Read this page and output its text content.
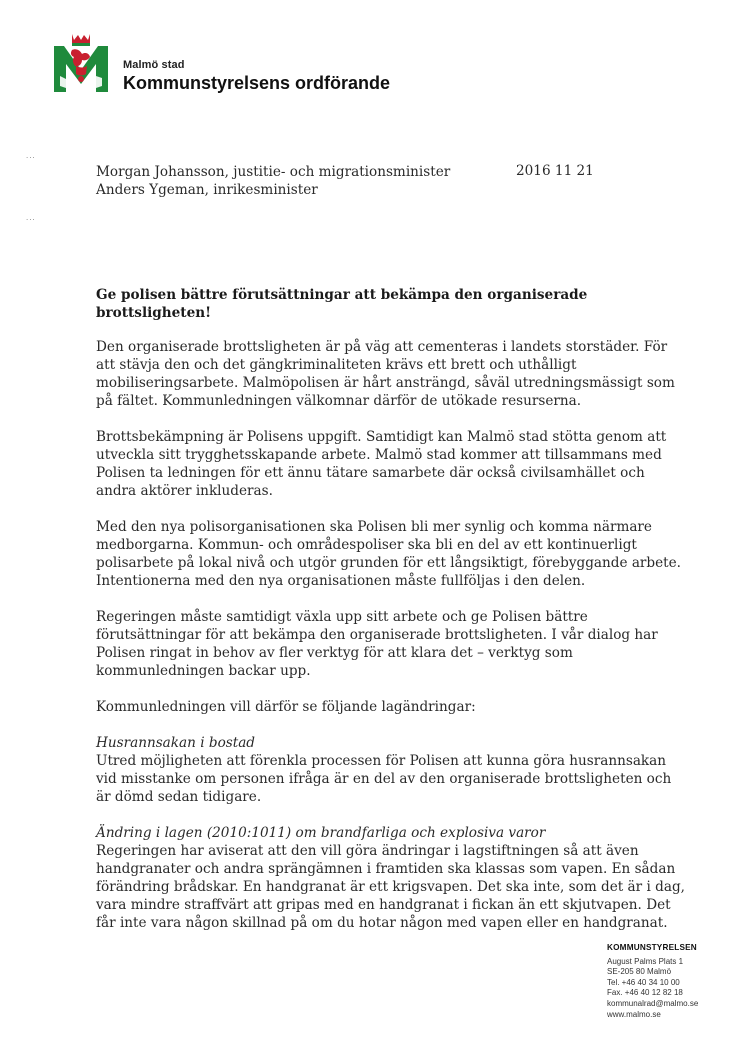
Malmö stad
Kommunstyrelsens ordförande
...
...
Morgan Johansson, justitie- och migrationsminister
Anders Ygeman, inrikesminister
2016 11 21
Ge polisen bättre förutsättningar att bekämpa den organiserade brottsligheten!

Den organiserade brottsligheten är på väg att cementeras i landets storstäder. För att stävja den och det gängkriminaliteten krävs ett brett och uthålligt mobiliseringsarbete. Malmöpolisen är hårt ansträngd, såväl utredningsmässigt som på fältet. Kommunledningen välkomnar därför de utökade resurserna.

Brottsbekämpning är Polisens uppgift. Samtidigt kan Malmö stad stötta genom att utveckla sitt trygghetsskapande arbete. Malmö stad kommer att tillsammans med Polisen ta ledningen för ett ännu tätare samarbete där också civilsamhället och andra aktörer inkluderas.

Med den nya polisorganisationen ska Polisen bli mer synlig och komma närmare medborgarna. Kommun- och områdespoliser ska bli en del av ett kontinuerligt polisarbete på lokal nivå och utgör grunden för ett långsiktigt, förebyggande arbete. Intentionerna med den nya organisationen måste fullföljas i den delen.

Regeringen måste samtidigt växla upp sitt arbete och ge Polisen bättre förutsättningar för att bekämpa den organiserade brottsligheten. I vår dialog har Polisen ringat in behov av fler verktyg för att klara det – verktyg som kommunledningen backar upp.

Kommunledningen vill därför se följande lagändringar:

Husrannsakan i bostad
Utred möjligheten att förenkla processen för Polisen att kunna göra husrannsakan vid misstanke om personen ifråga är en del av den organiserade brottsligheten och är dömd sedan tidigare.

Ändring i lagen (2010:1011) om brandfarliga och explosiva varor
Regeringen har aviserat att den vill göra ändringar i lagstiftningen så att även handgranater och andra sprängämnen i framtiden ska klassas som vapen. En sådan förändring brådskar. En handgranat är ett krigsvapen. Det ska inte, som det är i dag, vara mindre straffvärt att gripas med en handgranat i fickan än ett skjutvapen. Det får inte vara någon skillnad på om du hotar någon med vapen eller en handgranat.

KOMMUNSTYRELSEN
August Palms Plats 1
SE-205 80 Malmö
Tel. +46 40 34 10 00
Fax. +46 40 12 82 18
kommunalrad@malmo.se
www.malmo.se
